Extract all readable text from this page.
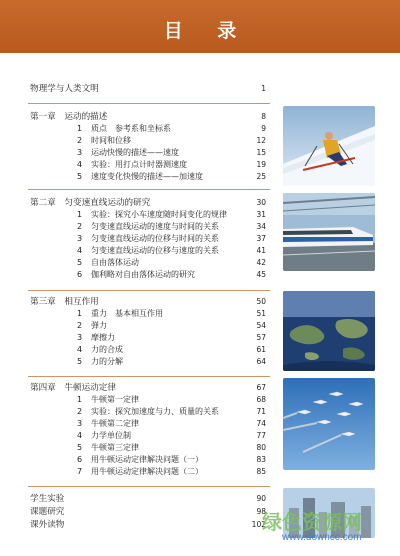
目 录
物理学与人类文明	1
第一章　运动的描述	8
1 质点　参考系和坐标系	9
2 时间和位移	12
3 运动快慢的描述——速度	15
4 实验：用打点计时器测速度	19
5 速度变化快慢的描述——加速度	25
第二章　匀变速直线运动的研究	30
1 实验：探究小车速度随时间变化的规律	31
2 匀变速直线运动的速度与时间的关系	34
3 匀变速直线运动的位移与时间的关系	37
4 匀变速直线运动的位移与速度的关系	41
5 自由落体运动	42
6 伽利略对自由落体运动的研究	45
第三章　相互作用	50
1 重力　基本相互作用	51
2 弹力	54
3 摩擦力	57
4 力的合成	61
5 力的分解	64
第四章　牛顿运动定律	67
1 牛顿第一定律	68
2 实验：探究加速度与力、质量的关系	71
3 牛顿第二定律	74
4 力学单位制	77
5 牛顿第三定律	80
6 用牛顿运动定律解决问题（一）	83
7 用牛顿运动定律解决问题（二）	85
学生实验	90
课题研究	98
课外读物	102
绿色资源网
www.downcc.com
